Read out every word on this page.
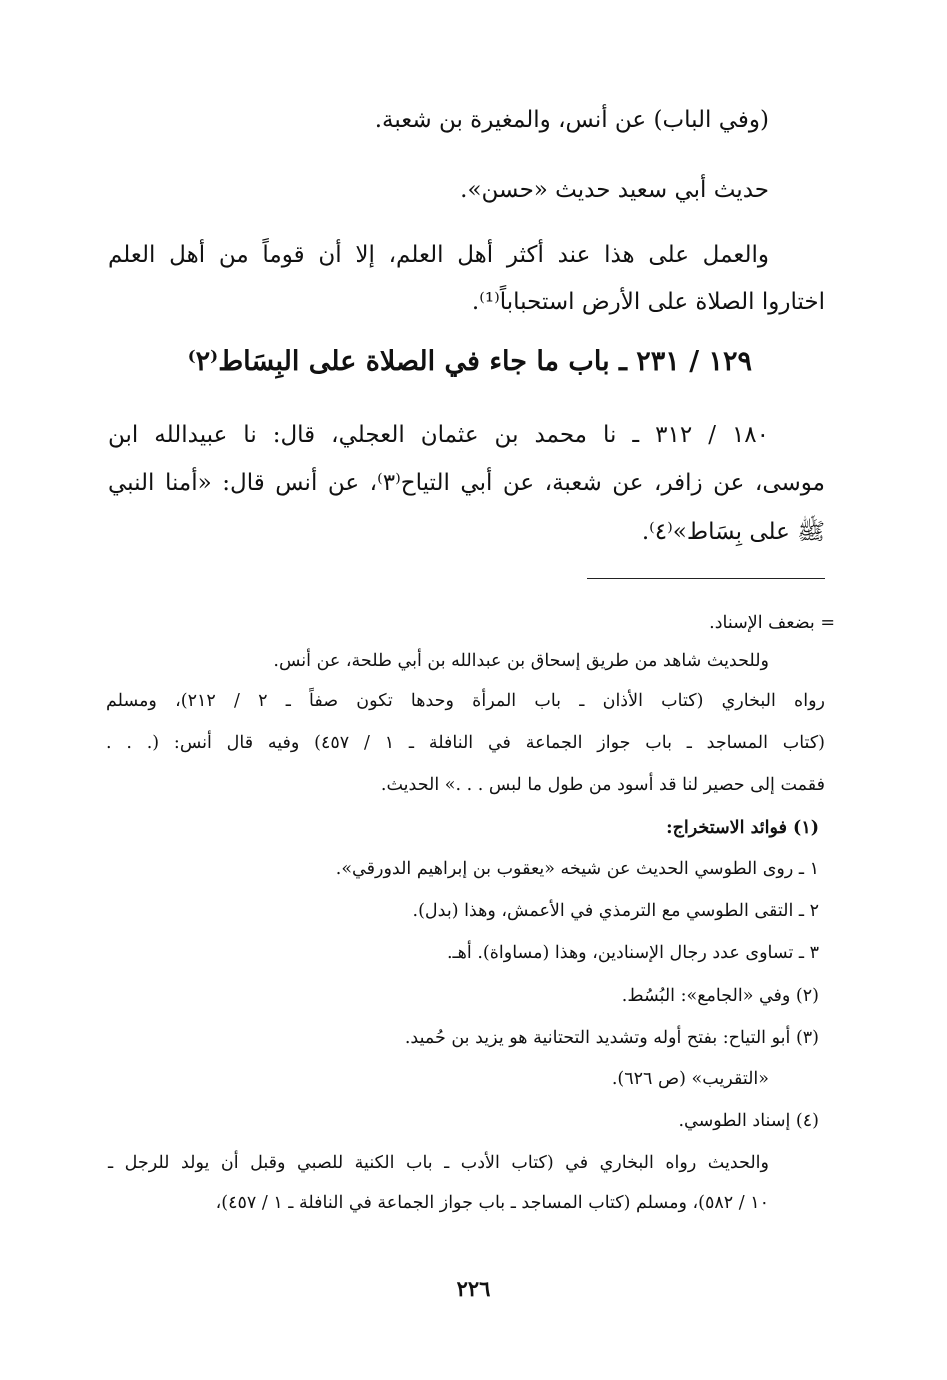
(وفي الباب) عن أنس، والمغيرة بن شعبة.
حديث أبي سعيد حديث «حسن».
والعمل على هذا عند أكثر أهل العلم، إلا أن قوماً من أهل العلم
اختاروا الصلاة على الأرض استحباباً⁽¹⁾.
١٢٩ / ٢٣١ ـ باب ما جاء في الصلاة على البِسَاط⁽٢⁾
١٨٠ / ٣١٢ ـ نا محمد بن عثمان العجلي، قال: نا عبيدالله ابن
موسى، عن زافر، عن شعبة، عن أبي التياح⁽٣⁾، عن أنس قال: «أمنا النبي
ﷺ على بِسَاط»⁽٤⁾.
= بضعف الإسناد.
وللحديث شاهد من طريق إسحاق بن عبدالله بن أبي طلحة، عن أنس.
رواه البخاري (كتاب الأذان ـ باب المرأة وحدها تكون صفاً ـ ٢ / ٢١٢)، ومسلم
(كتاب المساجد ـ باب جواز الجماعة في النافلة ـ ١ / ٤٥٧) وفيه قال أنس: (. . .
فقمت إلى حصير لنا قد أسود من طول ما لبس . . .» الحديث.
(١) فوائد الاستخراج:
١ ـ روى الطوسي الحديث عن شيخه «يعقوب بن إبراهيم الدورقي».
٢ ـ التقى الطوسي مع الترمذي في الأعمش، وهذا (بدل).
٣ ـ تساوى عدد رجال الإسنادين، وهذا (مساواة). أهـ.
(٢) وفي «الجامع»: البُسُط.
(٣) أبو التياح: بفتح أوله وتشديد التحتانية هو يزيد بن حُميد.
«التقريب» (ص ٦٢٦).
(٤) إسناد الطوسي.
والحديث رواه البخاري في (كتاب الأدب ـ باب الكنية للصبي وقبل أن يولد للرجل ـ
١٠ / ٥٨٢)، ومسلم (كتاب المساجد ـ باب جواز الجماعة في النافلة ـ ١ / ٤٥٧)،
٢٢٦
